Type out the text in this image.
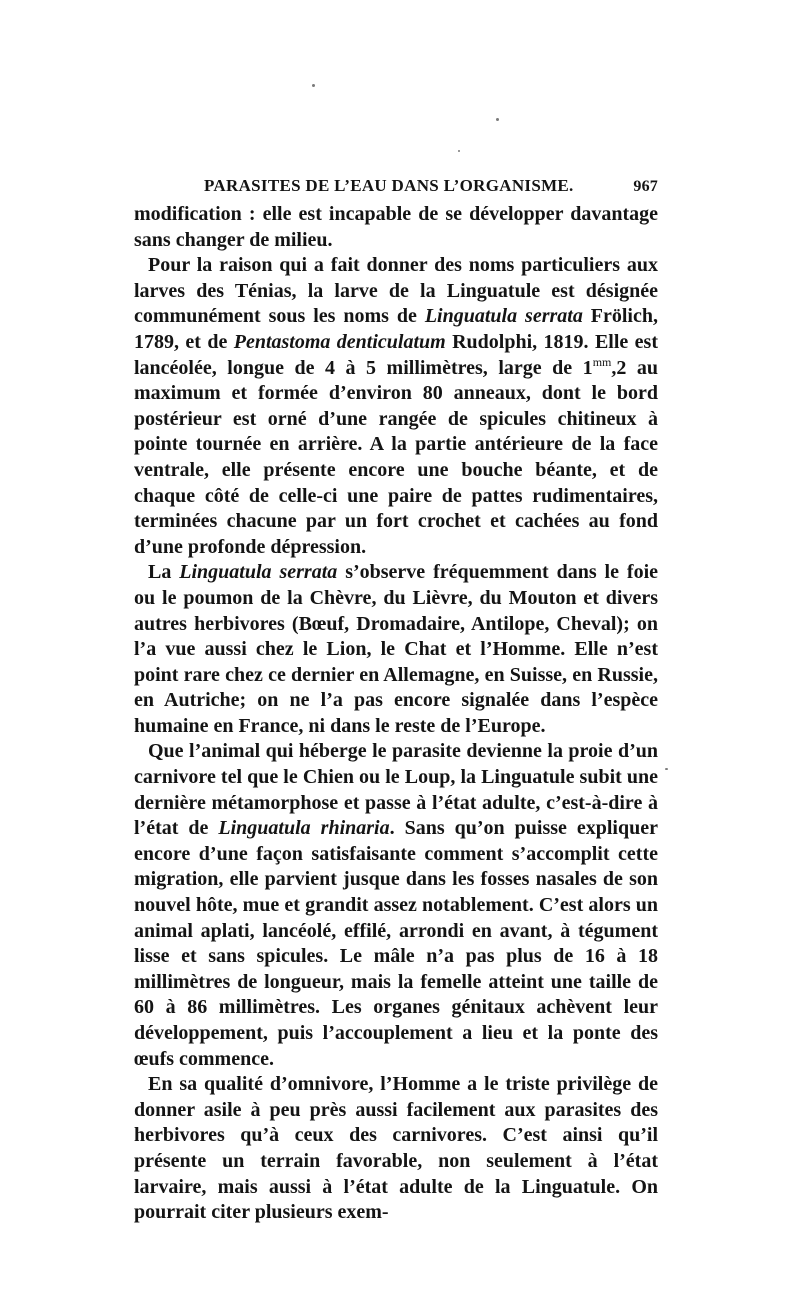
PARASITES DE L’EAU DANS L’ORGANISME.	967

modification : elle est incapable de se développer davantage sans changer de milieu.

Pour la raison qui a fait donner des noms particuliers aux larves des Ténias, la larve de la Linguatule est désignée communément sous les noms de Linguatula serrata Frölich, 1789, et de Pentastoma denticulatum Rudolphi, 1819. Elle est lancéolée, longue de 4 à 5 millimètres, large de $1^{mm},2$ au maximum et formée d’environ 80 anneaux, dont le bord postérieur est orné d’une rangée de spicules chitineux à pointe tournée en arrière. A la partie antérieure de la face ventrale, elle présente encore une bouche béante, et de chaque côté de celle-ci une paire de pattes rudimentaires, terminées chacune par un fort crochet et cachées au fond d’une profonde dépression.

La Linguatula serrata s’observe fréquemment dans le foie ou le poumon de la Chèvre, du Lièvre, du Mouton et divers autres herbivores (Bœuf, Dromadaire, Antilope, Cheval); on l’a vue aussi chez le Lion, le Chat et l’Homme. Elle n’est point rare chez ce dernier en Allemagne, en Suisse, en Russie, en Autriche; on ne l’a pas encore signalée dans l’espèce humaine en France, ni dans le reste de l’Europe.

Que l’animal qui héberge le parasite devienne la proie d’un carnivore tel que le Chien ou le Loup, la Linguatule subit une dernière métamorphose et passe à l’état adulte, c’est-à-dire à l’état de Linguatula rhinaria. Sans qu’on puisse expliquer encore d’une façon satisfaisante comment s’accomplit cette migration, elle parvient jusque dans les fosses nasales de son nouvel hôte, mue et grandit assez notablement. C’est alors un animal aplati, lancéolé, effilé, arrondi en avant, à tégument lisse et sans spicules. Le mâle n’a pas plus de 16 à 18 millimètres de longueur, mais la femelle atteint une taille de 60 à 86 millimètres. Les organes génitaux achèvent leur développement, puis l’accouplement a lieu et la ponte des œufs commence.

En sa qualité d’omnivore, l’Homme a le triste privilège de donner asile à peu près aussi facilement aux parasites des herbivores qu’à ceux des carnivores. C’est ainsi qu’il présente un terrain favorable, non seulement à l’état larvaire, mais aussi à l’état adulte de la Linguatule. On pourrait citer plusieurs exem-
